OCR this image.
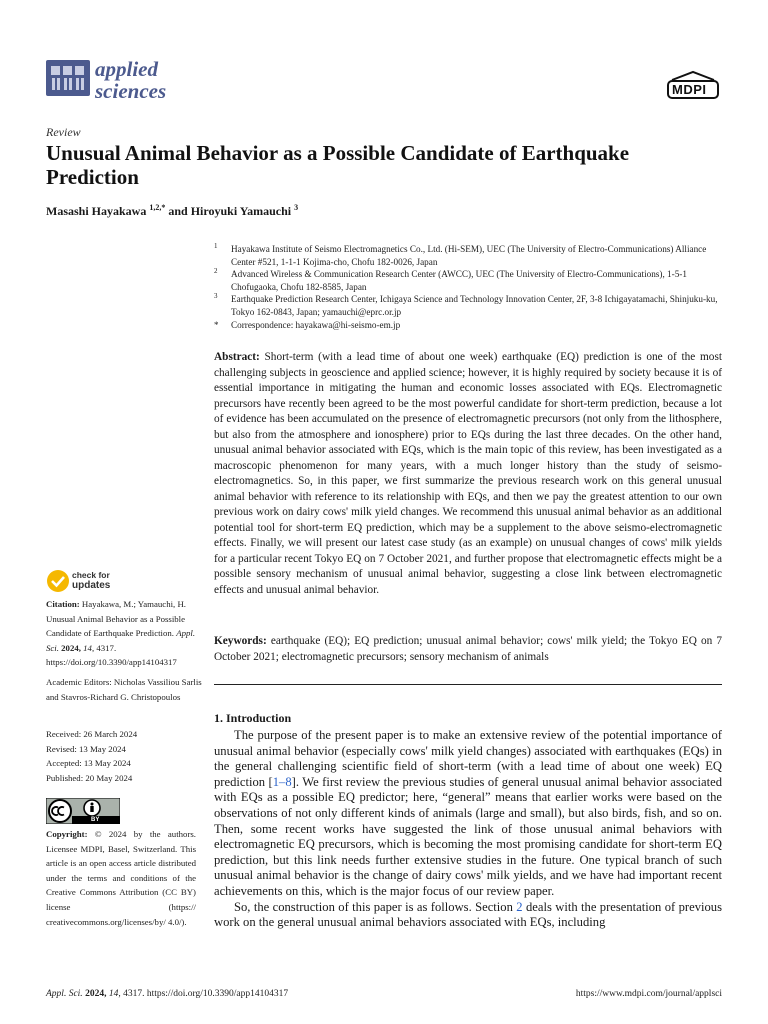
applied
sciences	MDPI
Review
Unusual Animal Behavior as a Possible Candidate of Earthquake Prediction
Masashi Hayakawa $^{1,2,*}$ and Hiroyuki Yamauchi $^3$
1 Hayakawa Institute of Seismo Electromagnetics Co., Ltd. (Hi-SEM), UEC (The University of Electro-Communications) Alliance Center #521, 1-1-1 Kojima-cho, Chofu 182-0026, Japan
2 Advanced Wireless & Communication Research Center (AWCC), UEC (The University of Electro-Communications), 1-5-1 Chofugaoka, Chofu 182-8585, Japan
3 Earthquake Prediction Research Center, Ichigaya Science and Technology Innovation Center, 2F, 3-8 Ichigayatamachi, Shinjuku-ku, Tokyo 162-0843, Japan; yamauchi@eprc.or.jp
* Correspondence: hayakawa@hi-seismo-em.jp
Abstract: Short-term (with a lead time of about one week) earthquake (EQ) prediction is one of the most challenging subjects in geoscience and applied science; however, it is highly required by society because it is of essential importance in mitigating the human and economic losses associated with EQs. Electromagnetic precursors have recently been agreed to be the most powerful candidate for short-term prediction, because a lot of evidence has been accumulated on the presence of electromagnetic precursors (not only from the lithosphere, but also from the atmosphere and ionosphere) prior to EQs during the last three decades. On the other hand, unusual animal behavior associated with EQs, which is the main topic of this review, has been investigated as a macroscopic phenomenon for many years, with a much longer history than the study of seismo-electromagnetics. So, in this paper, we first summarize the previous research work on this general unusual animal behavior with reference to its relationship with EQs, and then we pay the greatest attention to our own previous work on dairy cows' milk yield changes. We recommend this unusual animal behavior as an additional potential tool for short-term EQ prediction, which may be a supplement to the above seismo-electromagnetic effects. Finally, we will present our latest case study (as an example) on unusual changes of cows' milk yields for a particular recent Tokyo EQ on 7 October 2021, and further propose that electromagnetic effects might be a possible sensory mechanism of unusual animal behavior, suggesting a close link between electromagnetic effects and unusual animal behavior.
Keywords: earthquake (EQ); EQ prediction; unusual animal behavior; cows' milk yield; the Tokyo EQ on 7 October 2021; electromagnetic precursors; sensory mechanism of animals
1. Introduction

The purpose of the present paper is to make an extensive review of the potential importance of unusual animal behavior (especially cows' milk yield changes) associated with earthquakes (EQs) in the general challenging scientific field of short-term (with a lead time of about one week) EQ prediction [1–8]. We first review the previous studies of general unusual animal behavior associated with EQs as a possible EQ predictor; here, “general” means that earlier works were based on the observations of not only different kinds of animals (large and small), but also birds, fish, and so on. Then, some recent works have suggested the link of those unusual animal behaviors with electromagnetic EQ precursors, which is becoming the most promising candidate for short-term EQ prediction, but this link needs further extensive studies in the future. One typical branch of such unusual animal behavior is the change of dairy cows' milk yields, and we have had important recent achievements on this, which is the major focus of our review paper.

So, the construction of this paper is as follows. Section 2 deals with the presentation of previous work on the general unusual animal behaviors associated with EQs, including

check for
updates
Citation: Hayakawa, M.; Yamauchi, H. Unusual Animal Behavior as a Possible Candidate of Earthquake Prediction. Appl. Sci. 2024, 14, 4317. https://doi.org/10.3390/app14104317
Academic Editors: Nicholas Vassiliou Sarlis and Stavros-Richard G. Christopoulos
Received: 26 March 2024
Revised: 13 May 2024
Accepted: 13 May 2024
Published: 20 May 2024
BY
Copyright: © 2024 by the authors. Licensee MDPI, Basel, Switzerland. This article is an open access article distributed under the terms and conditions of the Creative Commons Attribution (CC BY) license (https:// creativecommons.org/licenses/by/ 4.0/).
Appl. Sci. 2024, 14, 4317. https://doi.org/10.3390/app14104317	https://www.mdpi.com/journal/applsci
